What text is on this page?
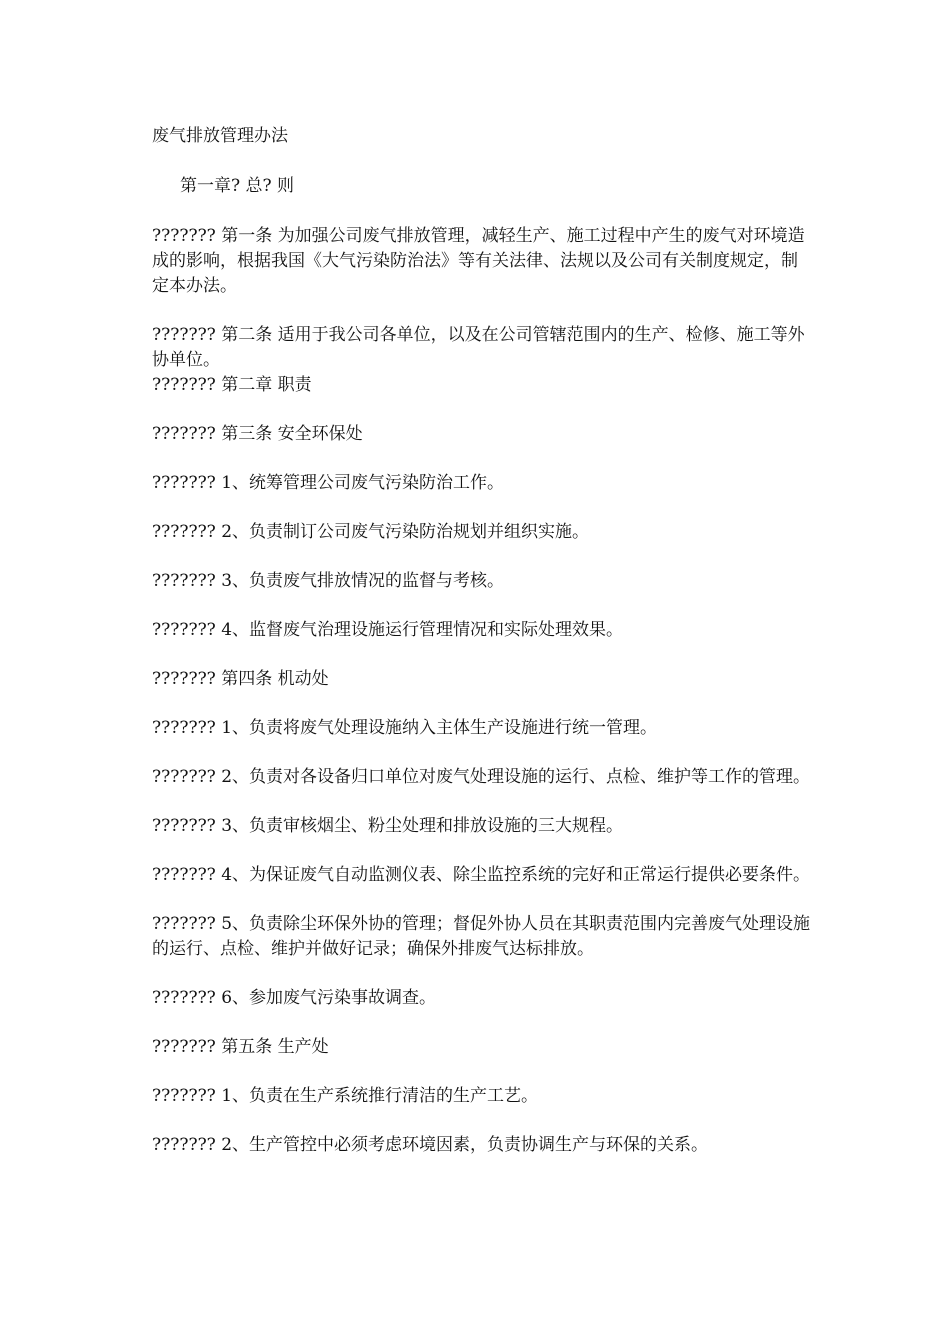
废气排放管理办法

第一章? 总? 则

??????? 第一条 为加强公司废气排放管理，减轻生产、施工过程中产生的废气对环境造成的影响，根据我国《大气污染防治法》等有关法律、法规以及公司有关制度规定，制定本办法。

??????? 第二条 适用于我公司各单位，以及在公司管辖范围内的生产、检修、施工等外协单位。

??????? 第二章 职责

??????? 第三条 安全环保处

??????? 1、统筹管理公司废气污染防治工作。

??????? 2、负责制订公司废气污染防治规划并组织实施。

??????? 3、负责废气排放情况的监督与考核。

??????? 4、监督废气治理设施运行管理情况和实际处理效果。

??????? 第四条 机动处

??????? 1、负责将废气处理设施纳入主体生产设施进行统一管理。

??????? 2、负责对各设备归口单位对废气处理设施的运行、点检、维护等工作的管理。

??????? 3、负责审核烟尘、粉尘处理和排放设施的三大规程。

??????? 4、为保证废气自动监测仪表、除尘监控系统的完好和正常运行提供必要条件。

??????? 5、负责除尘环保外协的管理；督促外协人员在其职责范围内完善废气处理设施的运行、点检、维护并做好记录；确保外排废气达标排放。

??????? 6、参加废气污染事故调查。

??????? 第五条 生产处

??????? 1、负责在生产系统推行清洁的生产工艺。

??????? 2、生产管控中必须考虑环境因素，负责协调生产与环保的关系。
